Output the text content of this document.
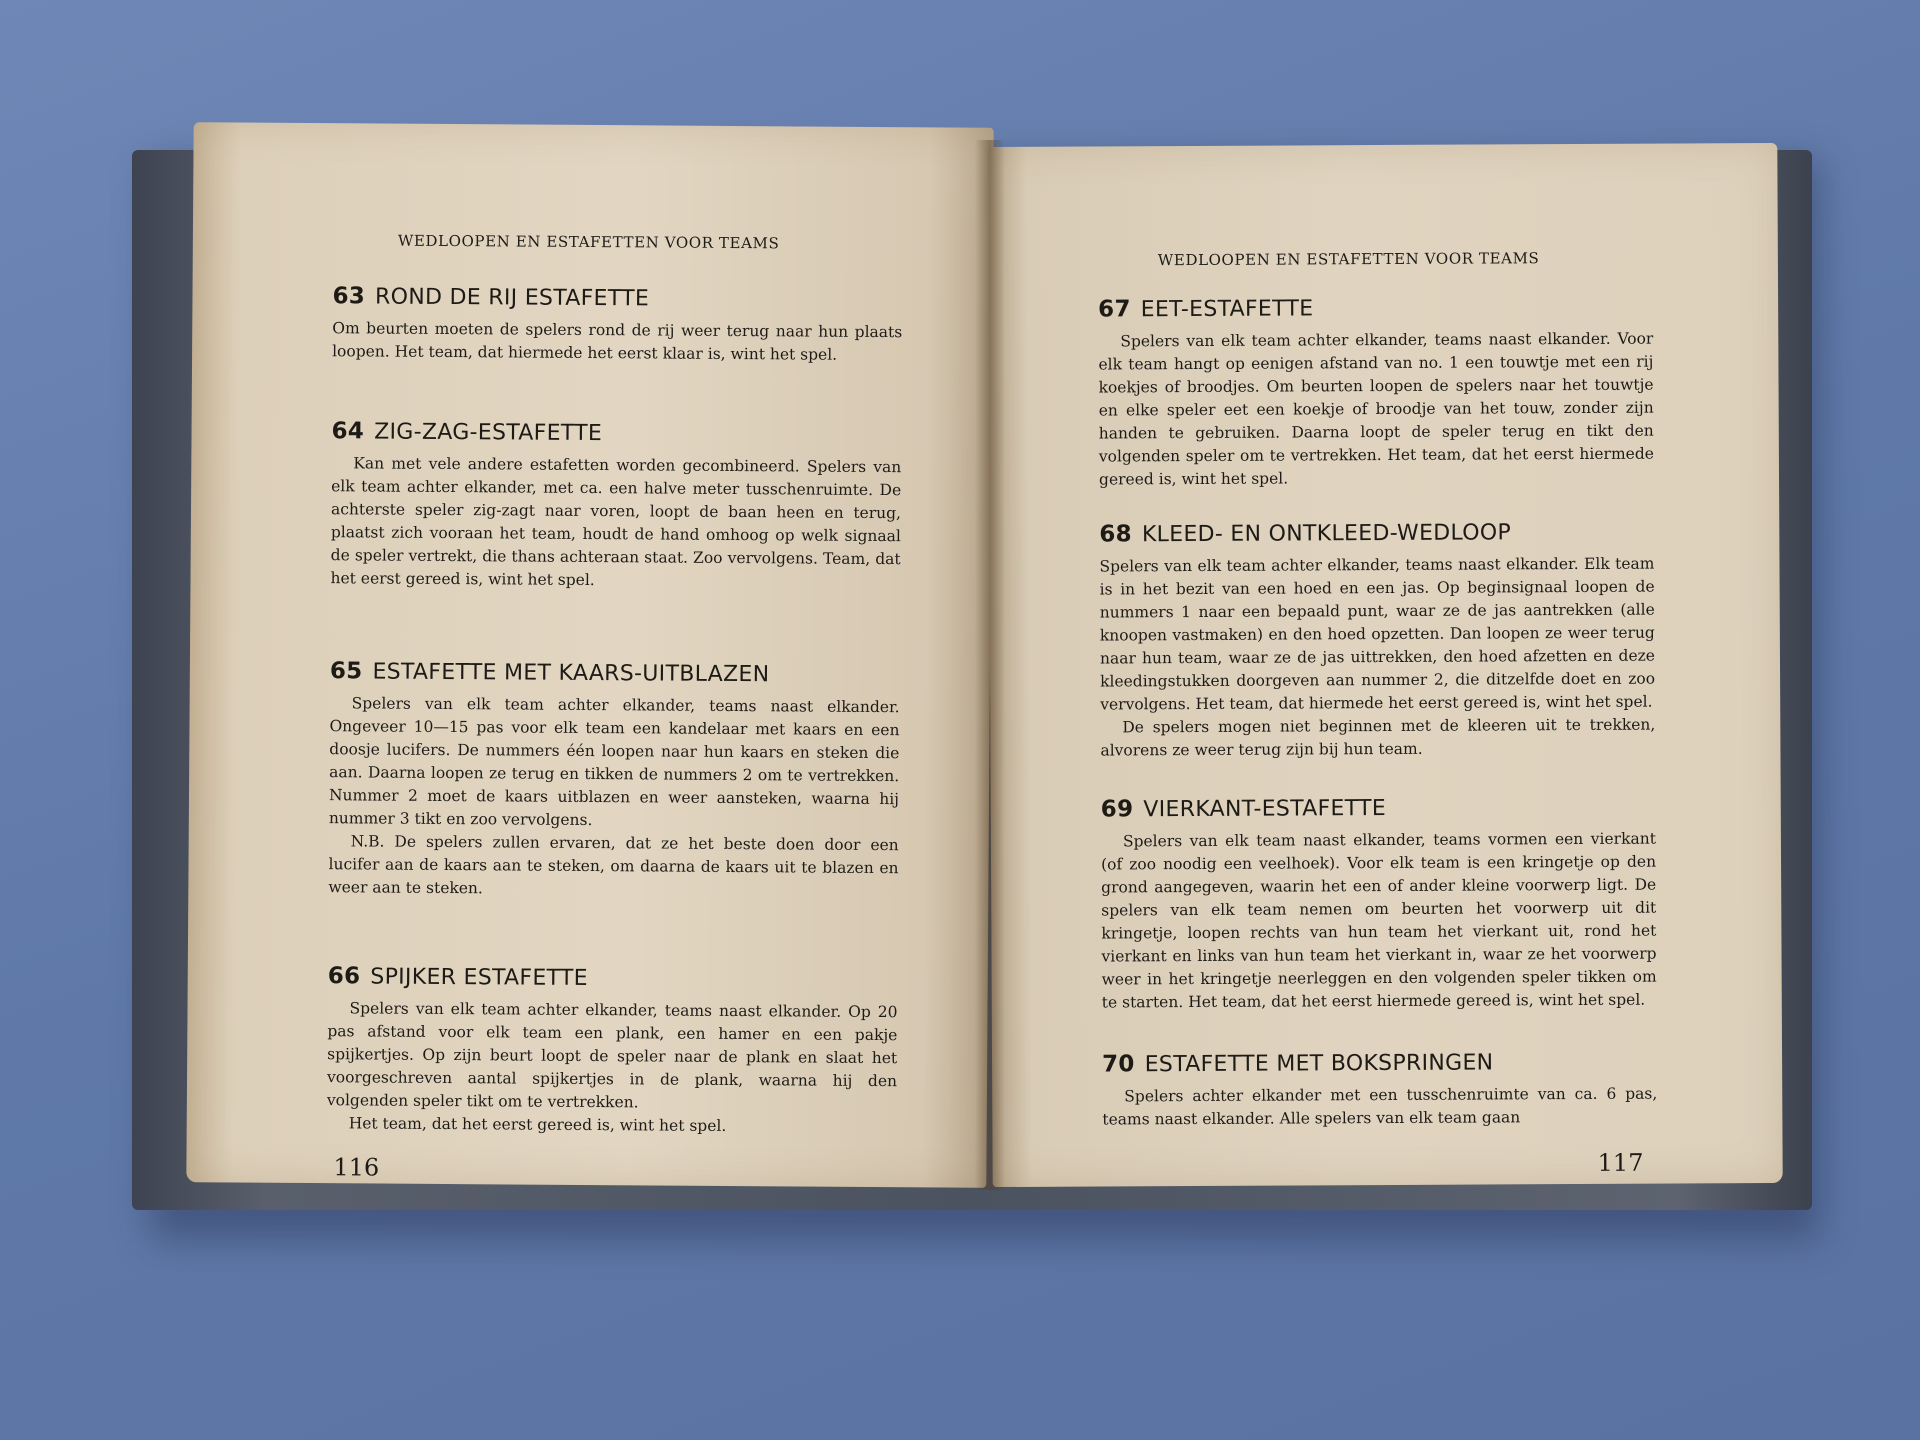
WEDLOOPEN EN ESTAFETTEN VOOR TEAMS
63 ROND DE RIJ ESTAFETTE

Om beurten moeten de spelers rond de rij weer terug naar hun plaats loopen. Het team, dat hiermede het eerst klaar is, wint het spel.

64 ZIG-ZAG-ESTAFETTE

Kan met vele andere estafetten worden gecombineerd. Spelers van elk team achter elkander, met ca. een halve meter tusschenruimte. De achterste speler zig-zagt naar voren, loopt de baan heen en terug, plaatst zich vooraan het team, houdt de hand omhoog op welk signaal de speler vertrekt, die thans achteraan staat. Zoo vervolgens. Team, dat het eerst gereed is, wint het spel.

65 ESTAFETTE MET KAARS-UITBLAZEN

Spelers van elk team achter elkander, teams naast elkander. Ongeveer 10—15 pas voor elk team een kandelaar met kaars en een doosje lucifers. De nummers één loopen naar hun kaars en steken die aan. Daarna loopen ze terug en tikken de nummers 2 om te vertrekken. Nummer 2 moet de kaars uitblazen en weer aansteken, waarna hij nummer 3 tikt en zoo vervolgens.

N.B. De spelers zullen ervaren, dat ze het beste doen door een lucifer aan de kaars aan te steken, om daarna de kaars uit te blazen en weer aan te steken.

66 SPIJKER ESTAFETTE

Spelers van elk team achter elkander, teams naast elkander. Op 20 pas afstand voor elk team een plank, een hamer en een pakje spijkertjes. Op zijn beurt loopt de speler naar de plank en slaat het voorgeschreven aantal spijkertjes in de plank, waarna hij den volgenden speler tikt om te vertrekken.

Het team, dat het eerst gereed is, wint het spel.

116
WEDLOOPEN EN ESTAFETTEN VOOR TEAMS
67 EET-ESTAFETTE

Spelers van elk team achter elkander, teams naast elkander. Voor elk team hangt op eenigen afstand van no. 1 een touwtje met een rij koekjes of broodjes. Om beurten loopen de spelers naar het touwtje en elke speler eet een koekje of broodje van het touw, zonder zijn handen te gebruiken. Daarna loopt de speler terug en tikt den volgenden speler om te vertrekken. Het team, dat het eerst hiermede gereed is, wint het spel.

68 KLEED- EN ONTKLEED-WEDLOOP

Spelers van elk team achter elkander, teams naast elkander. Elk team is in het bezit van een hoed en een jas. Op beginsignaal loopen de nummers 1 naar een bepaald punt, waar ze de jas aantrekken (alle knoopen vastmaken) en den hoed opzetten. Dan loopen ze weer terug naar hun team, waar ze de jas uittrekken, den hoed afzetten en deze kleedingstukken doorgeven aan nummer 2, die ditzelfde doet en zoo vervolgens. Het team, dat hiermede het eerst gereed is, wint het spel.

De spelers mogen niet beginnen met de kleeren uit te trekken, alvorens ze weer terug zijn bij hun team.

69 VIERKANT-ESTAFETTE

Spelers van elk team naast elkander, teams vormen een vierkant (of zoo noodig een veelhoek). Voor elk team is een kringetje op den grond aangegeven, waarin het een of ander kleine voorwerp ligt. De spelers van elk team nemen om beurten het voorwerp uit dit kringetje, loopen rechts van hun team het vierkant uit, rond het vierkant en links van hun team het vierkant in, waar ze het voorwerp weer in het kringetje neerleggen en den volgenden speler tikken om te starten. Het team, dat het eerst hiermede gereed is, wint het spel.

70 ESTAFETTE MET BOKSPRINGEN

Spelers achter elkander met een tusschenruimte van ca. 6 pas, teams naast elkander. Alle spelers van elk team gaan

117
